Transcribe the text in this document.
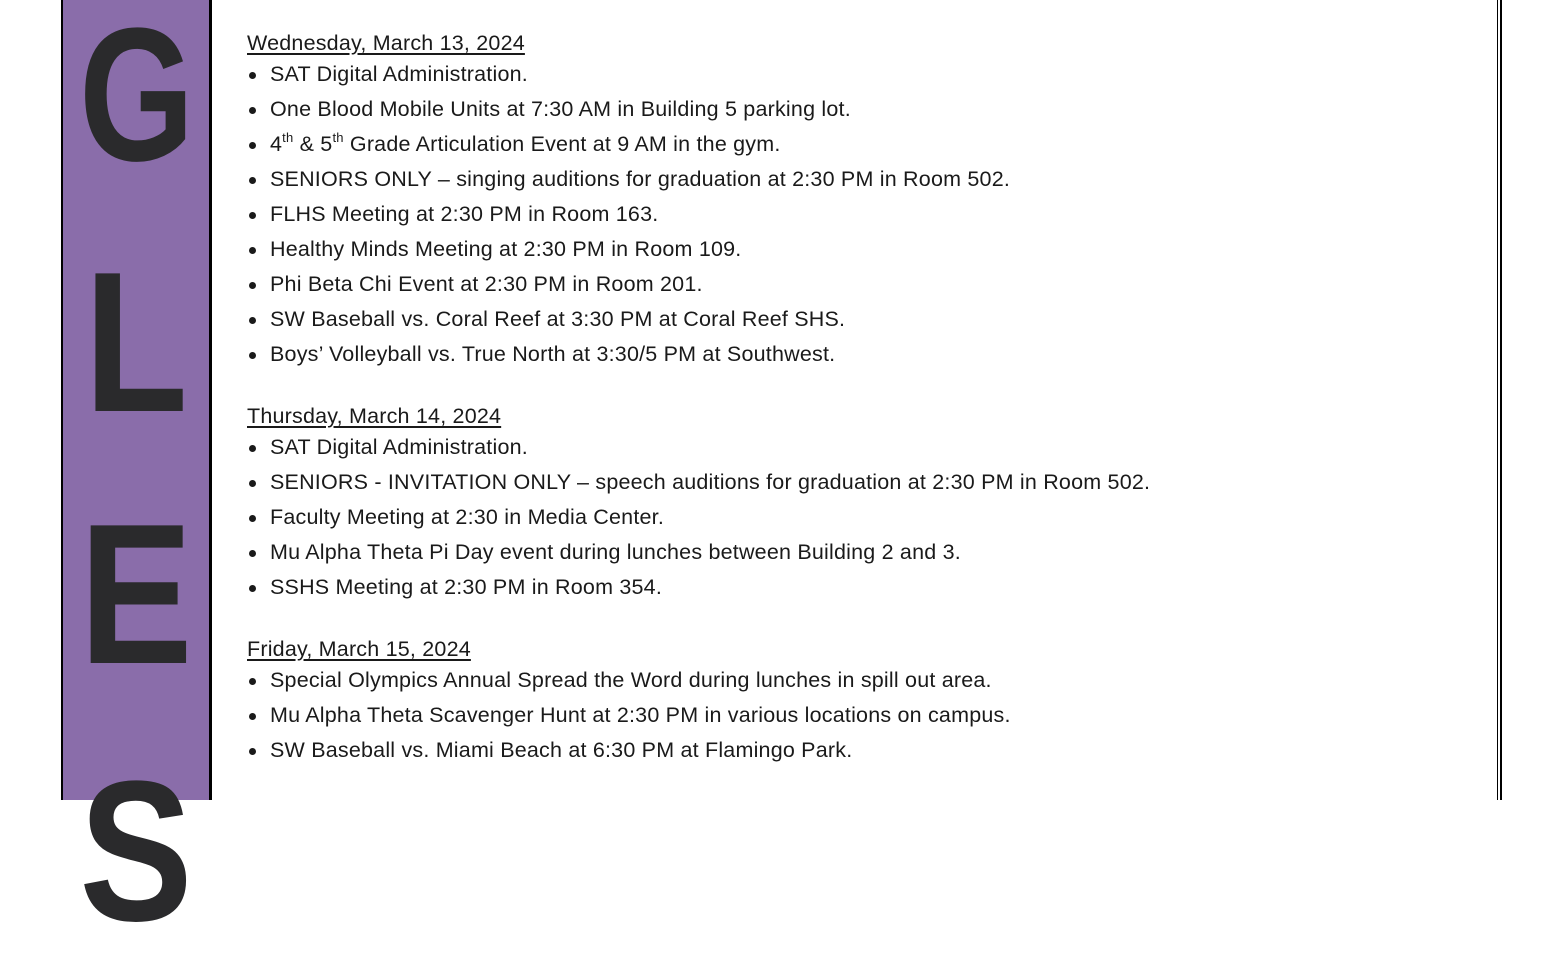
G
L
E
S
Wednesday, March 13, 2024
SAT Digital Administration.
One Blood Mobile Units at 7:30 AM in Building 5 parking lot.
4th & 5th Grade Articulation Event at 9 AM in the gym.
SENIORS ONLY – singing auditions for graduation at 2:30 PM in Room 502.
FLHS Meeting at 2:30 PM in Room 163.
Healthy Minds Meeting at 2:30 PM in Room 109.
Phi Beta Chi Event at 2:30 PM in Room 201.
SW Baseball vs. Coral Reef at 3:30 PM at Coral Reef SHS.
Boys’ Volleyball vs. True North at 3:30/5 PM at Southwest.
Thursday, March 14, 2024
SAT Digital Administration.
SENIORS - INVITATION ONLY – speech auditions for graduation at 2:30 PM in Room 502.
Faculty Meeting at 2:30 in Media Center.
Mu Alpha Theta Pi Day event during lunches between Building 2 and 3.
SSHS Meeting at 2:30 PM in Room 354.
Friday, March 15, 2024
Special Olympics Annual Spread the Word during lunches in spill out area.
Mu Alpha Theta Scavenger Hunt at 2:30 PM in various locations on campus.
SW Baseball vs. Miami Beach at 6:30 PM at Flamingo Park.
